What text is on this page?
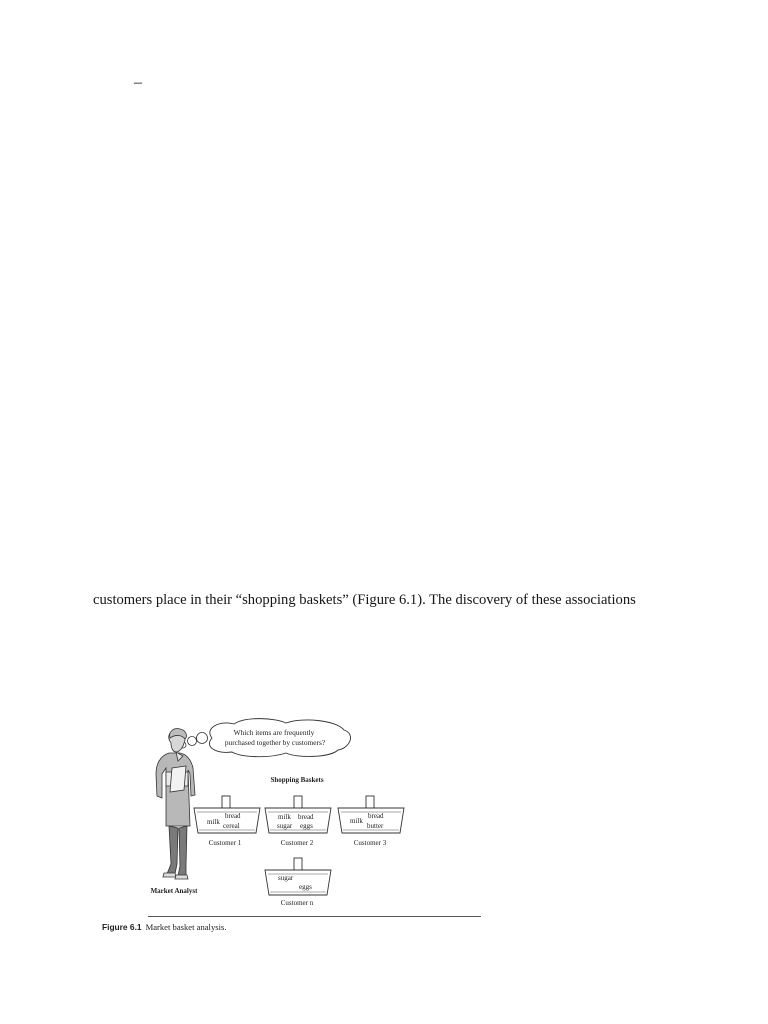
–
customers place in their “shopping baskets” (Figure 6.1). The discovery of these associations
Which items are frequently
purchased together by customers?
Market Analyst
Shopping Baskets
milk
bread
cereal
Customer 1
milk bread
sugar eggs
Customer 2
milk
bread
butter
Customer 3
sugar
eggs
Customer n
Figure 6.1 Market basket analysis.
